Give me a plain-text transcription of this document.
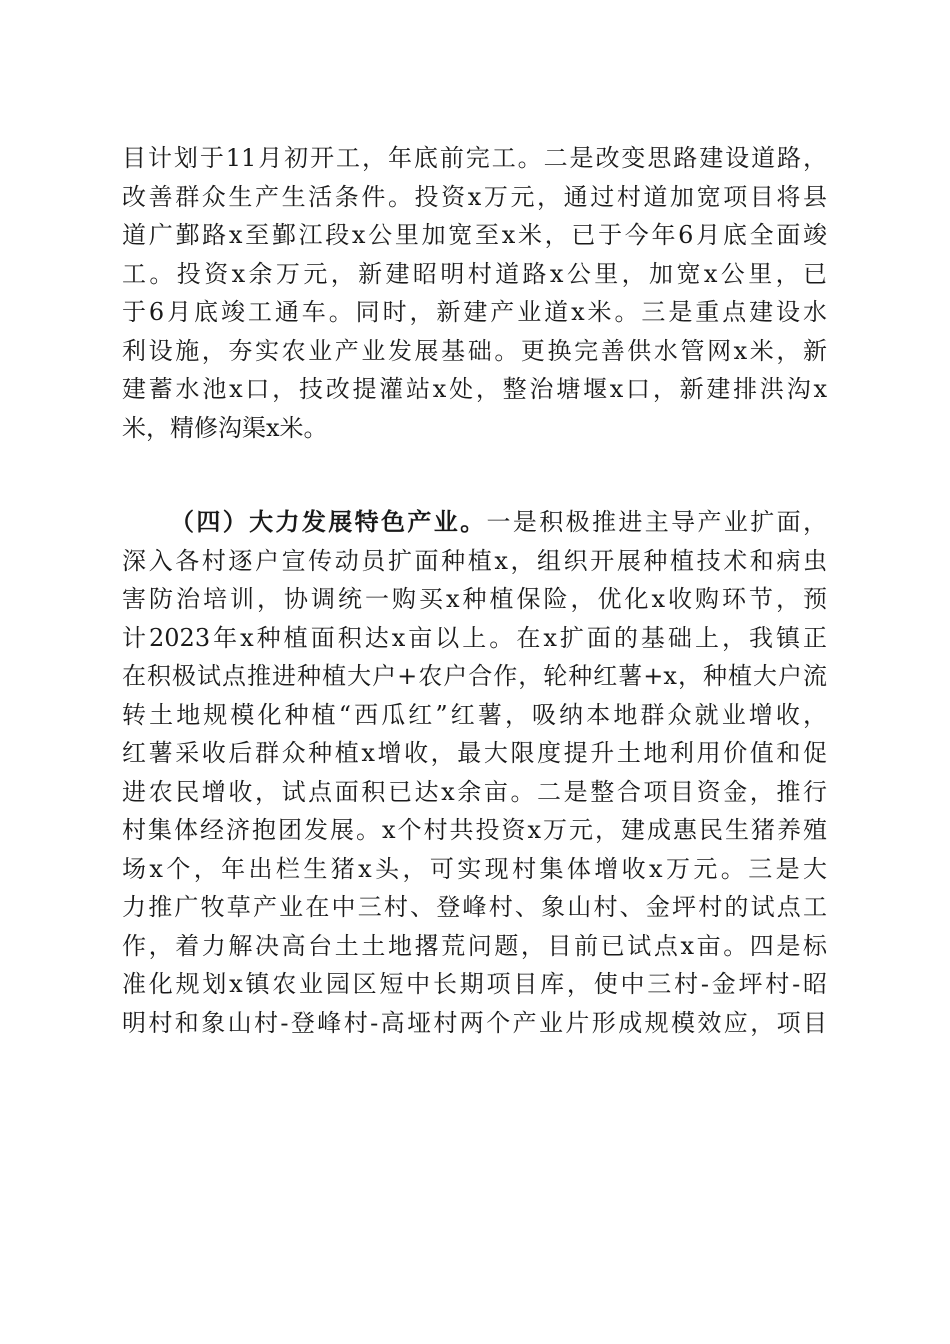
目计划于11月初开工，年底前完工。二是改变思路建设道路，
改善群众生产生活条件。投资x万元，通过村道加宽项目将县
道广鄞路x至鄞江段x公里加宽至x米，已于今年6月底全面竣
工。投资x余万元，新建昭明村道路x公里，加宽x公里，已
于6月底竣工通车。同时，新建产业道x米。三是重点建设水
利设施，夯实农业产业发展基础。更换完善供水管网x米，新
建蓄水池x口，技改提灌站x处，整治塘堰x口，新建排洪沟x
米，精修沟渠x米。
（四）大力发展特色产业。一是积极推进主导产业扩面，
深入各村逐户宣传动员扩面种植x，组织开展种植技术和病虫
害防治培训，协调统一购买x种植保险，优化x收购环节，预
计2023年x种植面积达x亩以上。在x扩面的基础上，我镇正
在积极试点推进种植大户+农户合作，轮种红薯+x，种植大户流
转土地规模化种植“西瓜红”红薯，吸纳本地群众就业增收，
红薯采收后群众种植x增收，最大限度提升土地利用价值和促
进农民增收，试点面积已达x余亩。二是整合项目资金，推行
村集体经济抱团发展。x个村共投资x万元，建成惠民生猪养殖
场x个，年出栏生猪x头，可实现村集体增收x万元。三是大
力推广牧草产业在中三村、登峰村、象山村、金坪村的试点工
作，着力解决高台土土地撂荒问题，目前已试点x亩。四是标
准化规划x镇农业园区短中长期项目库，使中三村-金坪村-昭
明村和象山村-登峰村-高垭村两个产业片形成规模效应，项目
